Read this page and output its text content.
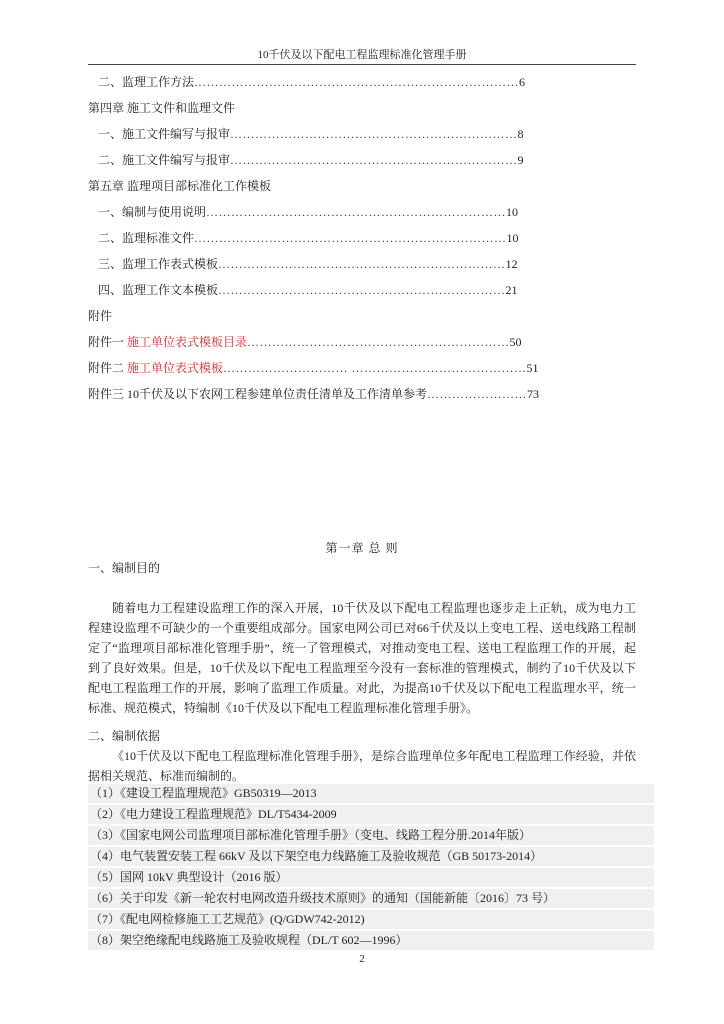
10千伏及以下配电工程监理标准化管理手册
二、监理工作方法……………………………………………………………………6
第四章 施工文件和监理文件
一、施工文件编写与报审……………………………………………………………8
二、施工文件编写与报审……………………………………………………………9
第五章 监理项目部标准化工作模板
一、编制与使用说明………………………………………………………………10
二、监理标准文件…………………………………………………………………10
三、监理工作表式模板……………………………………………………………12
四、监理工作文本模板……………………………………………………………21
附件
附件一 施工单位表式模板目录………………………………………………………50
附件二 施工单位表式模板………………………… ……………………………………51
附件三 10千伏及以下农网工程参建单位责任清单及工作清单参考……………………73
第一章 总 则
一、编制目的
随着电力工程建设监理工作的深入开展，10千伏及以下配电工程监理也逐步走上正轨，成为电力工程建设监理不可缺少的一个重要组成部分。国家电网公司已对66千伏及以上变电工程、送电线路工程制定了“监理项目部标准化管理手册”，统一了管理模式，对推动变电工程、送电工程监理工作的开展，起到了良好效果。但是，10千伏及以下配电工程监理至今没有一套标准的管理模式，制约了10千伏及以下配电工程监理工作的开展，影响了监理工作质量。对此，为提高10千伏及以下配电工程监理水平，统一标准、规范模式，特编制《10千伏及以下配电工程监理标准化管理手册》。
二、编制依据
《10千伏及以下配电工程监理标准化管理手册》，是综合监理单位多年配电工程监理工作经验，并依据相关规范、标准而编制的。
（1）《建设工程监理规范》GB50319—2013
（2）《电力建设工程监理规范》DL/T5434-2009
（3）《国家电网公司监理项目部标准化管理手册》（变电、线路工程分册.2014年版）
（4）电气装置安装工程 66kV 及以下架空电力线路施工及验收规范（GB 50173-2014）
（5）国网 10kV 典型设计（2016 版）
（6）关于印发《新一轮农村电网改造升级技术原则》的通知（国能新能〔2016〕73 号）
（7）《配电网检修施工工艺规范》(Q/GDW742-2012)
（8）架空绝缘配电线路施工及验收规程（DL/T 602—1996）
2
